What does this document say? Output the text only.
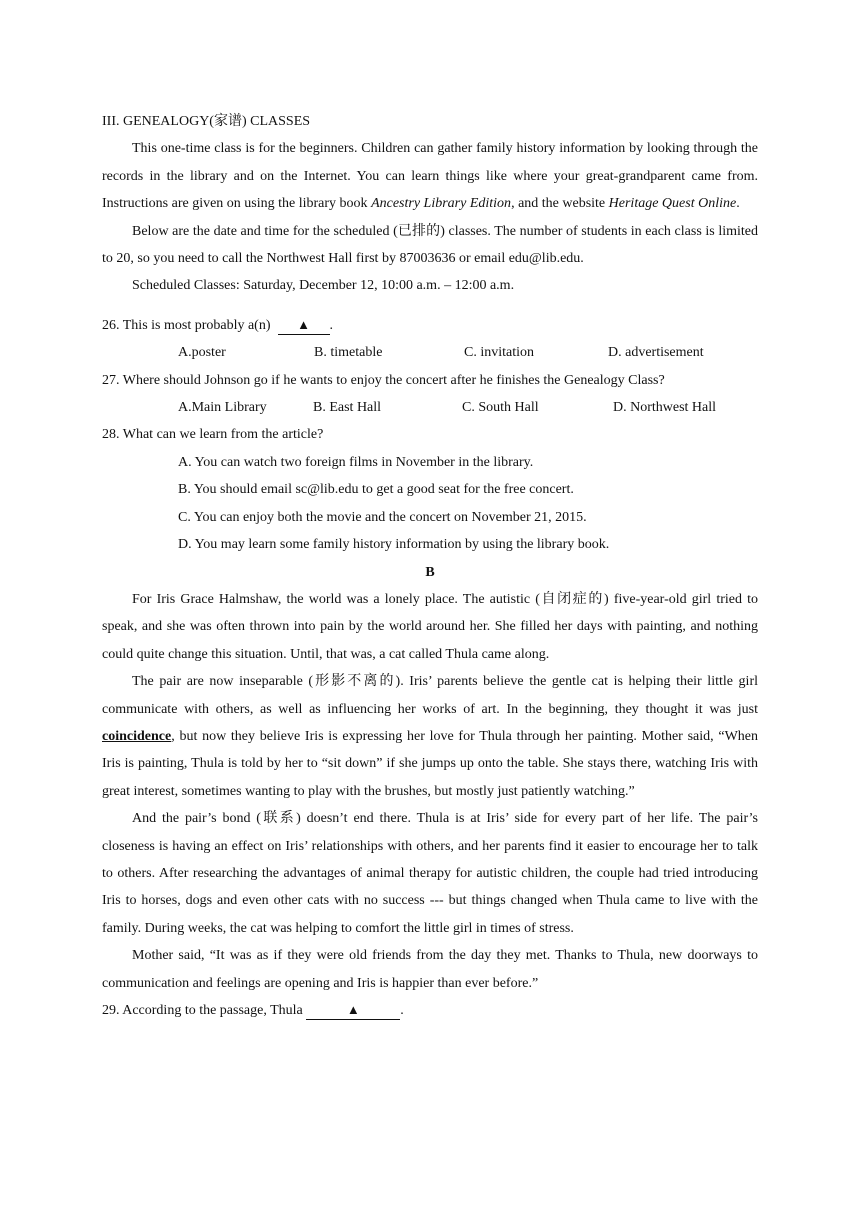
III. GENEALOGY(家谱) CLASSES

This one-time class is for the beginners. Children can gather family history information by looking through the records in the library and on the Internet. You can learn things like where your great-grandparent came from. Instructions are given on using the library book Ancestry Library Edition, and the website Heritage Quest Online.

Below are the date and time for the scheduled (已排的) classes. The number of students in each class is limited to 20, so you need to call the Northwest Hall first by 87003636 or email edu@lib.edu.

Scheduled Classes: Saturday, December 12, 10:00 a.m. – 12:00 a.m.

26. This is most probably a(n) ▲ .

A.poster	B. timetable	C. invitation	D. advertisement

27. Where should Johnson go if he wants to enjoy the concert after he finishes the Genealogy Class?

A.Main Library	B. East Hall	C. South Hall	D. Northwest Hall

28. What can we learn from the article?

A. You can watch two foreign films in November in the library.

B. You should email sc@lib.edu to get a good seat for the free concert.

C. You can enjoy both the movie and the concert on November 21, 2015.

D. You may learn some family history information by using the library book.

B

For Iris Grace Halmshaw, the world was a lonely place. The autistic (自闭症的) five-year-old girl tried to speak, and she was often thrown into pain by the world around her. She filled her days with painting, and nothing could quite change this situation. Until, that was, a cat called Thula came along.

The pair are now inseparable (形影不离的). Iris’ parents believe the gentle cat is helping their little girl communicate with others, as well as influencing her works of art. In the beginning, they thought it was just coincidence, but now they believe Iris is expressing her love for Thula through her painting. Mother said, “When Iris is painting, Thula is told by her to “sit down” if she jumps up onto the table. She stays there, watching Iris with great interest, sometimes wanting to play with the brushes, but mostly just patiently watching.”

And the pair’s bond (联系) doesn’t end there. Thula is at Iris’ side for every part of her life. The pair’s closeness is having an effect on Iris’ relationships with others, and her parents find it easier to encourage her to talk to others. After researching the advantages of animal therapy for autistic children, the couple had tried introducing Iris to horses, dogs and even other cats with no success --- but things changed when Thula came to live with the family. During weeks, the cat was helping to comfort the little girl in times of stress.

Mother said, “It was as if they were old friends from the day they met. Thanks to Thula, new doorways to communication and feelings are opening and Iris is happier than ever before.”

29. According to the passage, Thula	▲	.
